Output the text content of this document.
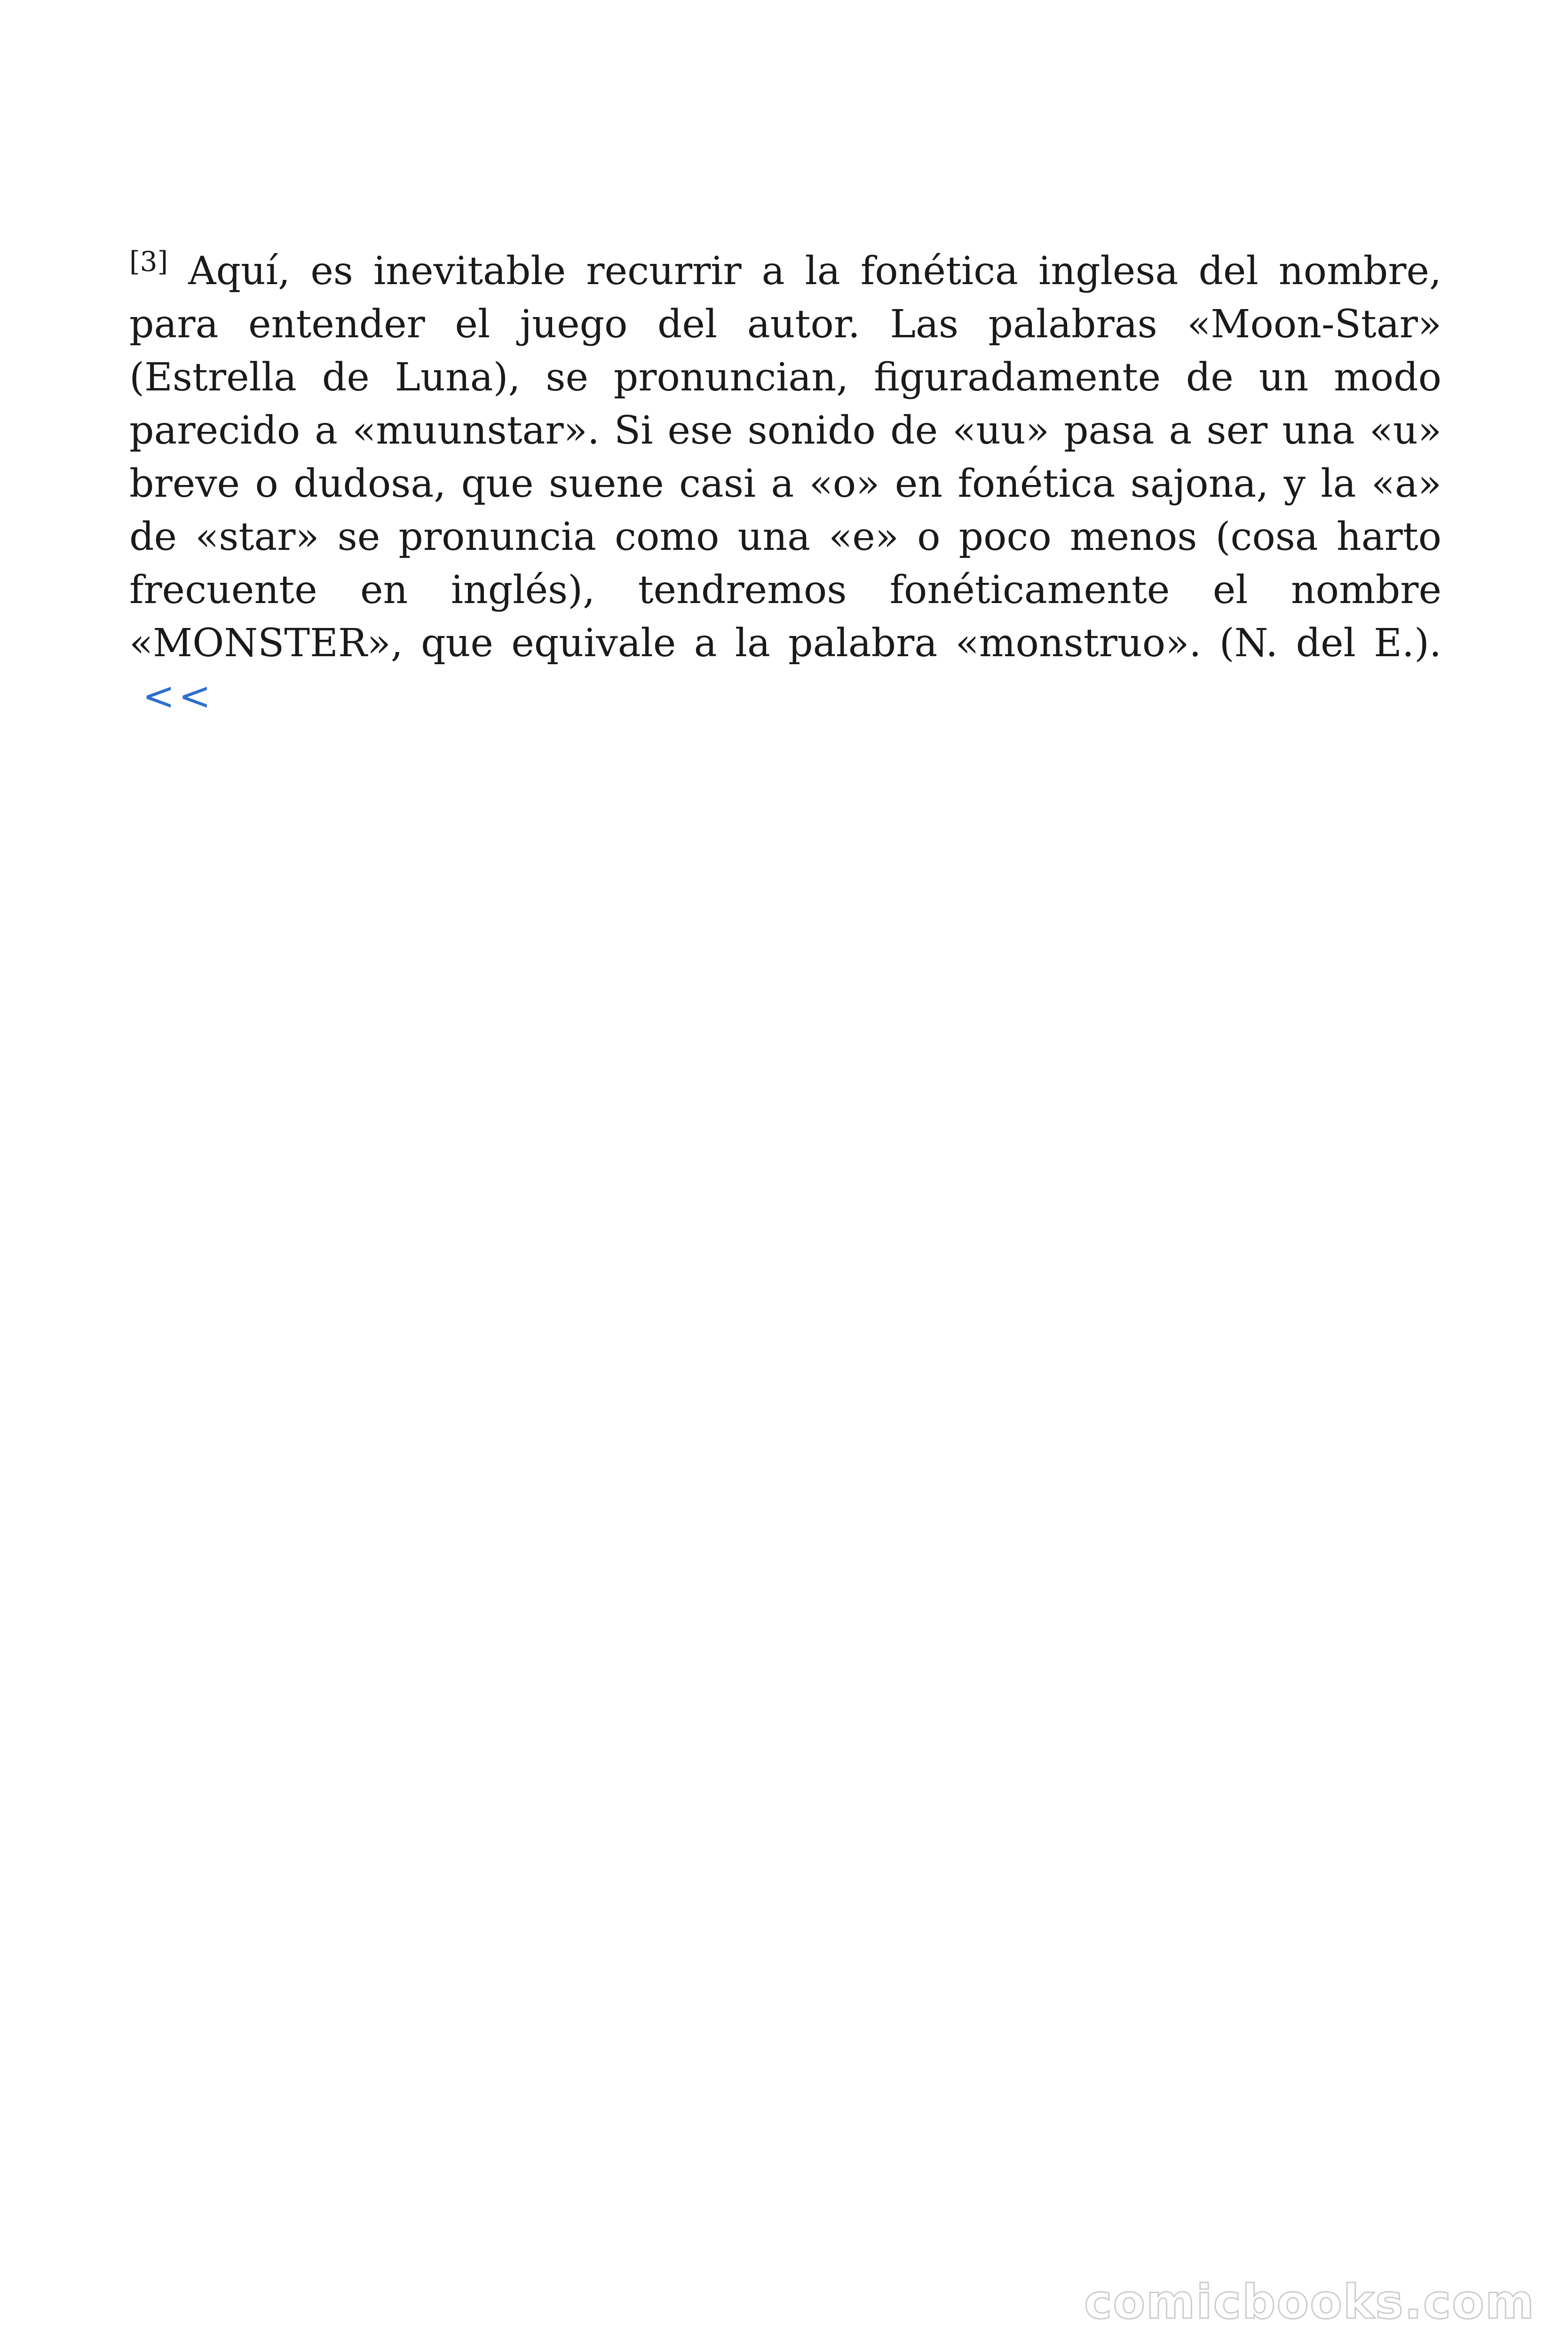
[3] Aquí, es inevitable recurrir a la fonética inglesa del nombre, para entender el juego del autor. Las palabras «Moon-Star» (Estrella de Luna), se pronuncian, figuradamente de un modo parecido a «muunstar». Si ese sonido de «uu» pasa a ser una «u» breve o dudosa, que suene casi a «o» en fonética sajona, y la «a» de «star» se pronuncia como una «e» o poco menos (cosa harto frecuente en inglés), tendremos fonéticamente el nombre «MONSTER», que equivale a la palabra «monstruo». (N. del E.).<<

comicbooks.com
